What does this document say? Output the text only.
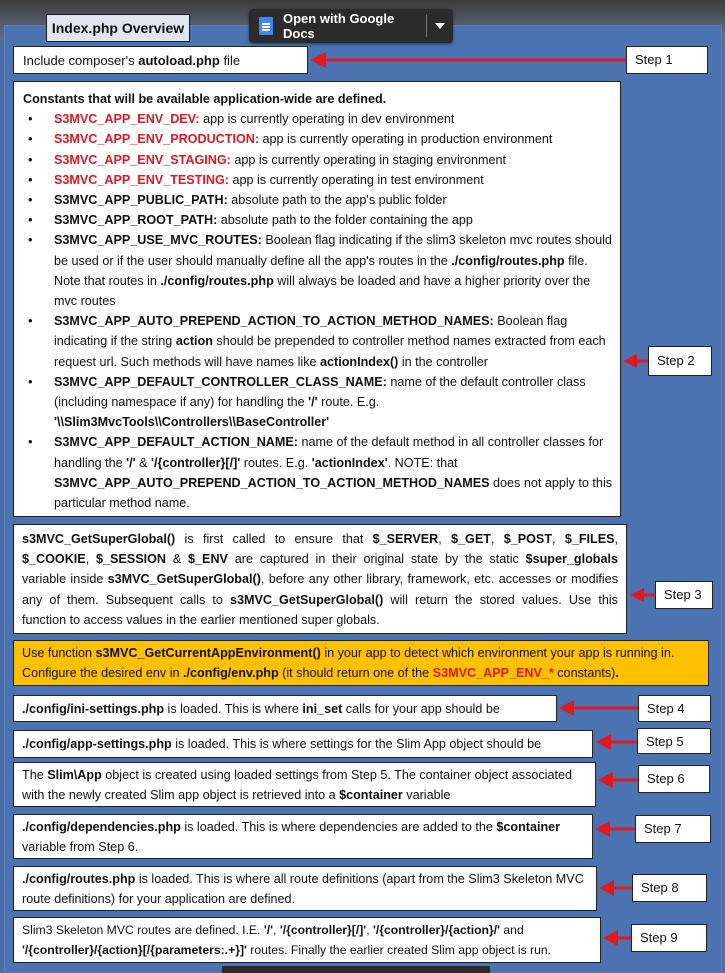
Index.php Overview
Open with Google Docs
Include composer's autoload.php file
Constants that will be available application-wide are defined.
• S3MVC_APP_ENV_DEV: app is currently operating in dev environment
• S3MVC_APP_ENV_PRODUCTION: app is currently operating in production environment
• S3MVC_APP_ENV_STAGING: app is currently operating in staging environment
• S3MVC_APP_ENV_TESTING: app is currently operating in test environment
• S3MVC_APP_PUBLIC_PATH: absolute path to the app's public folder
• S3MVC_APP_ROOT_PATH: absolute path to the folder containing the app
• S3MVC_APP_USE_MVC_ROUTES: Boolean flag indicating if the slim3 skeleton mvc routes should be used or if the user should manually define all the app's routes in the ./config/routes.php file. Note that routes in ./config/routes.php will always be loaded and have a higher priority over the mvc routes
• S3MVC_APP_AUTO_PREPEND_ACTION_TO_ACTION_METHOD_NAMES: Boolean flag indicating if the string action should be prepended to controller method names extracted from each request url. Such methods will have names like actionIndex() in the controller
• S3MVC_APP_DEFAULT_CONTROLLER_CLASS_NAME: name of the default controller class (including namespace if any) for handling the '/' route. E.g.
'\\Slim3MvcTools\\Controllers\\BaseController'
• S3MVC_APP_DEFAULT_ACTION_NAME: name of the default method in all controller classes for handling the '/' & '/{controller}[/]' routes. E.g. 'actionIndex'. NOTE: that S3MVC_APP_AUTO_PREPEND_ACTION_TO_ACTION_METHOD_NAMES does not apply to this particular method name.
s3MVC_GetSuperGlobal() is first called to ensure that $_SERVER, $_GET, $_POST, $_FILES, $_COOKIE, $_SESSION & $_ENV are captured in their original state by the static $super_globals variable inside s3MVC_GetSuperGlobal(), before any other library, framework, etc. accesses or modifies any of them. Subsequent calls to s3MVC_GetSuperGlobal() will return the stored values. Use this function to access values in the earlier mentioned super globals.
Use function s3MVC_GetCurrentAppEnvironment() in your app to detect which environment your app is running in. Configure the desired env in ./config/env.php (it should return one of the S3MVC_APP_ENV_* constants).
./config/ini-settings.php is loaded. This is where ini_set calls for your app should be
./config/app-settings.php is loaded. This is where settings for the Slim App object should be
The Slim\App object is created using loaded settings from Step 5. The container object associated with the newly created Slim app object is retrieved into a $container variable
./config/dependencies.php is loaded. This is where dependencies are added to the $container variable from Step 6.
./config/routes.php is loaded. This is where all route definitions (apart from the Slim3 Skeleton MVC route definitions) for your application are defined.
Slim3 Skeleton MVC routes are defined. I.E. '/', '/{controller}[/]', '/{controller}/{action}/' and '/{controller}/{action}[/{parameters:.+}]' routes. Finally the earlier created Slim app object is run.
Step 1
Step 2
Step 3
Step 4
Step 5
Step 6
Step 7
Step 8
Step 9
